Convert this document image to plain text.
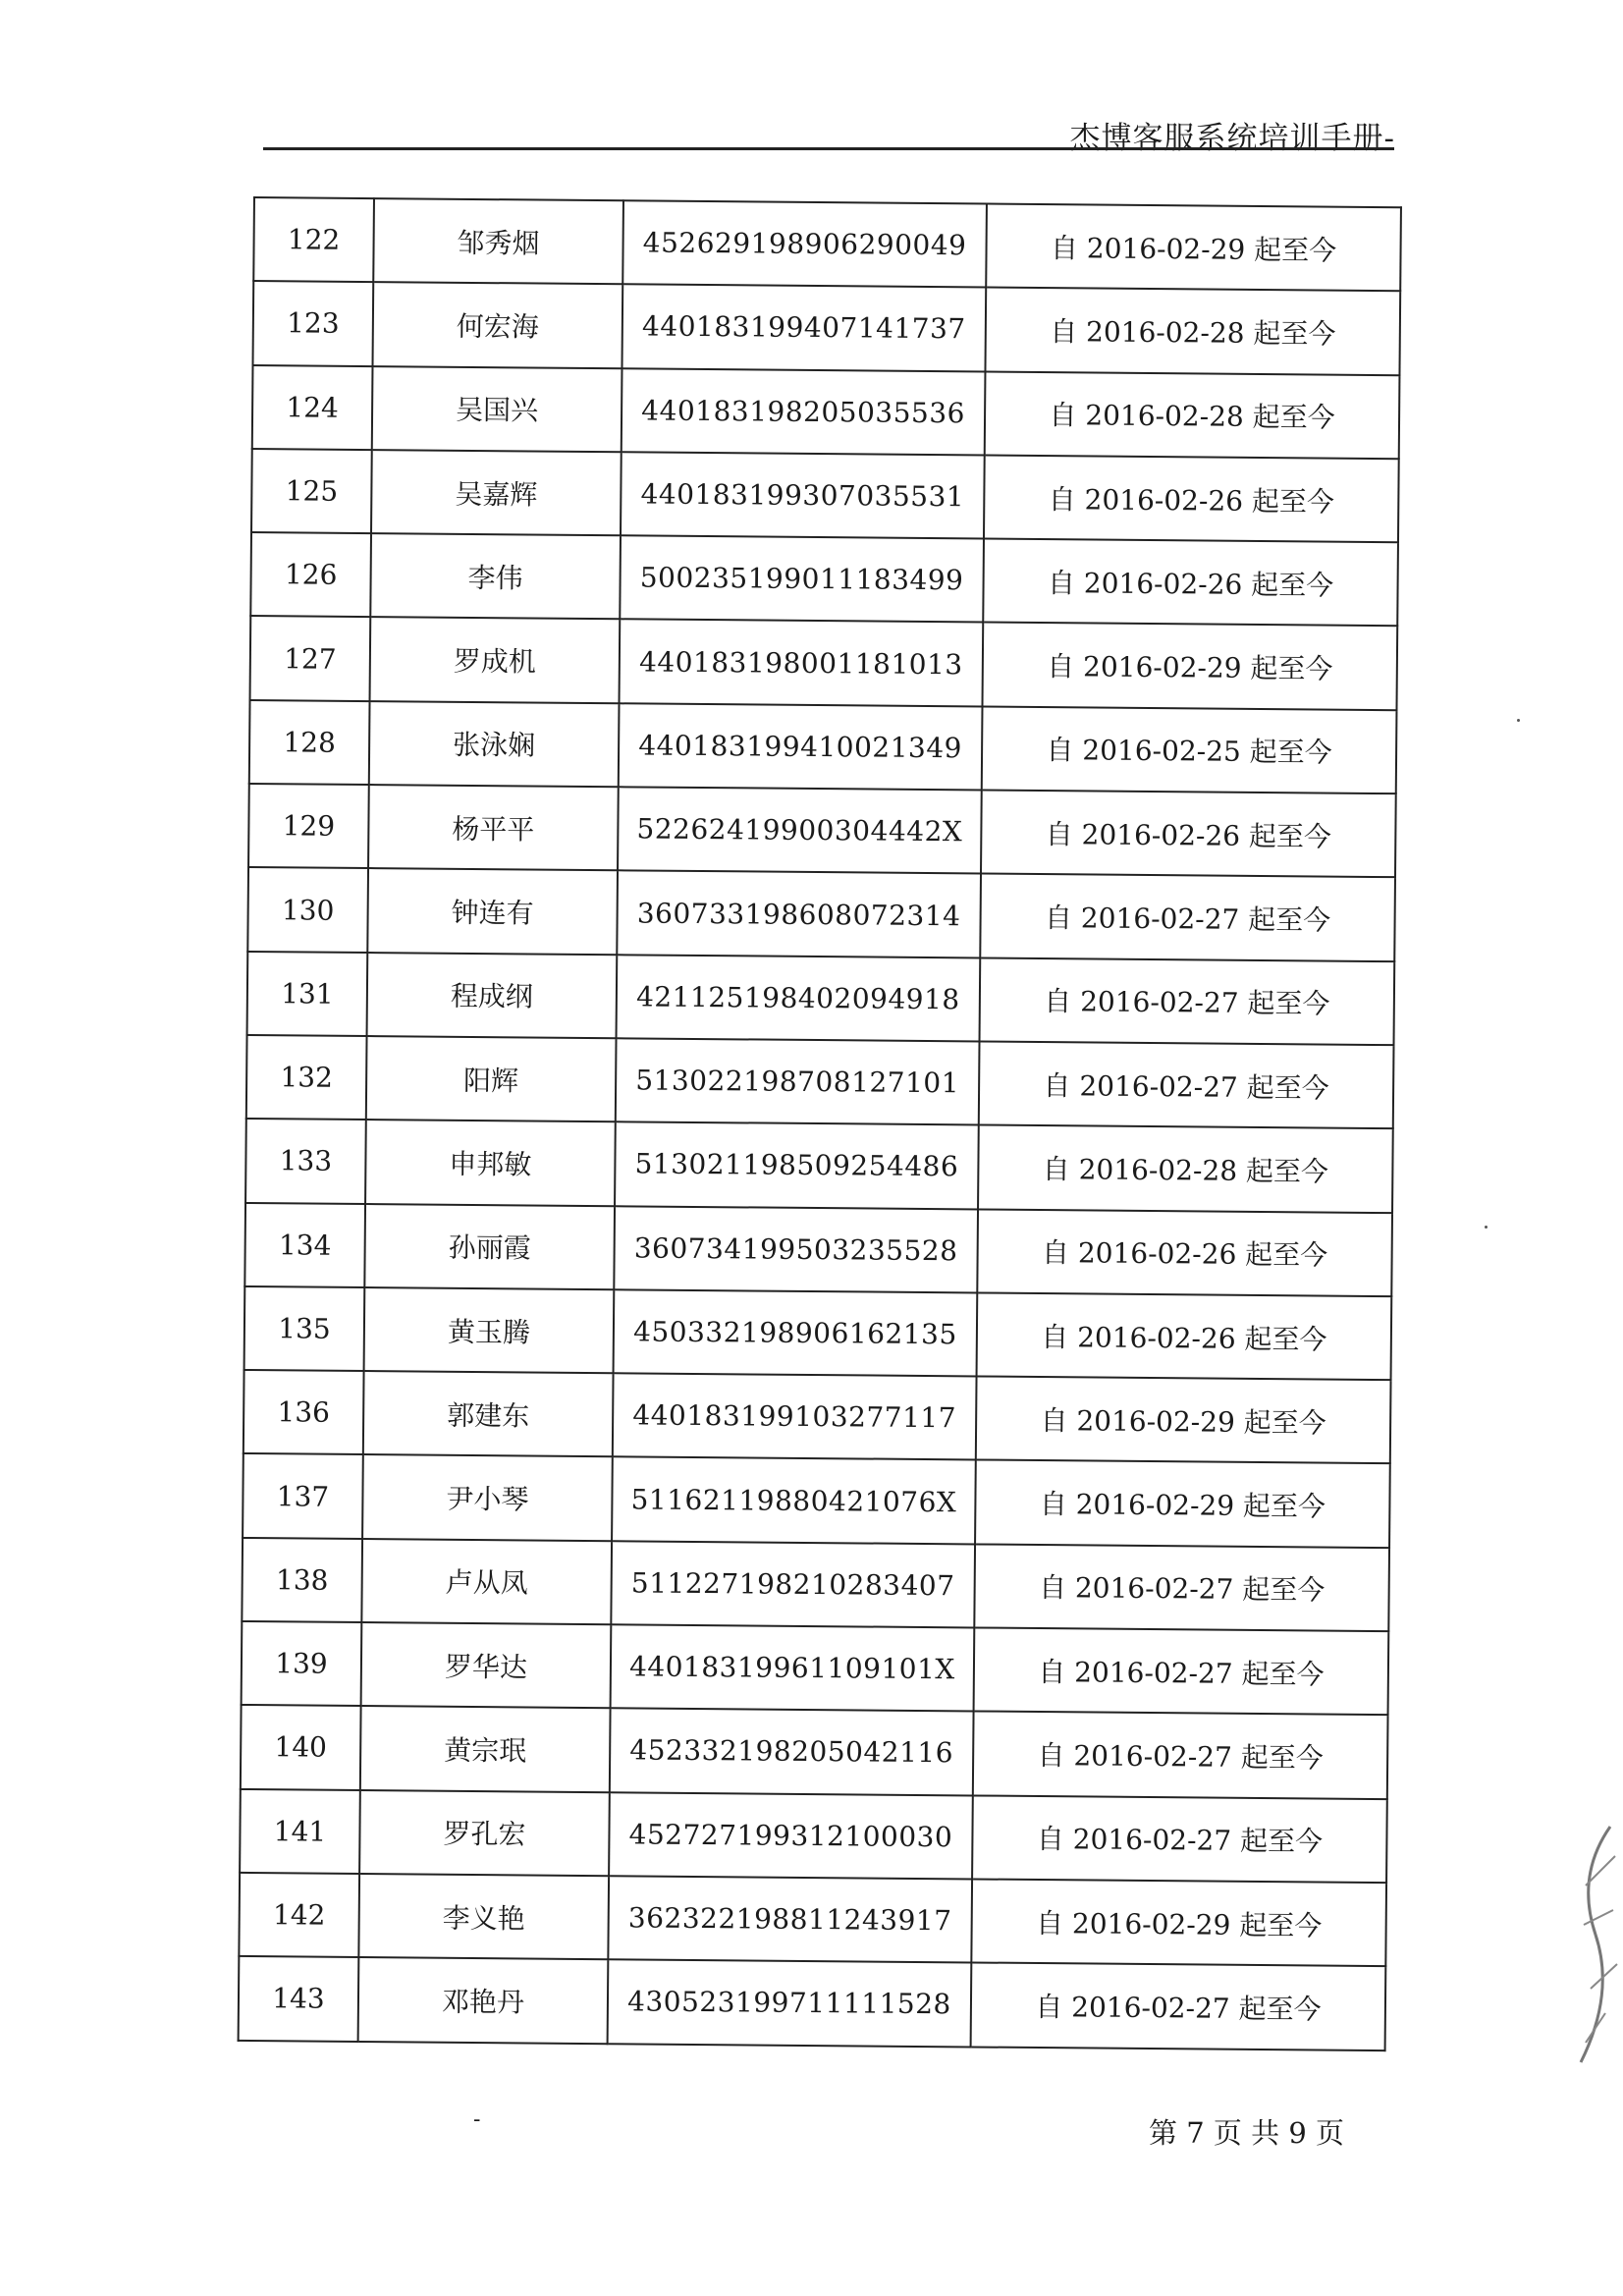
杰博客服系统培训手册-
122	邹秀烟	452629198906290049	自 2016-02-29 起至今
123	何宏海	440183199407141737	自 2016-02-28 起至今
124	吴国兴	440183198205035536	自 2016-02-28 起至今
125	吴嘉辉	440183199307035531	自 2016-02-26 起至今
126	李伟	500235199011183499	自 2016-02-26 起至今
127	罗成机	440183198001181013	自 2016-02-29 起至今
128	张泳娴	440183199410021349	自 2016-02-25 起至今
129	杨平平	52262419900304442X	自 2016-02-26 起至今
130	钟连有	360733198608072314	自 2016-02-27 起至今
131	程成纲	421125198402094918	自 2016-02-27 起至今
132	阳辉	513022198708127101	自 2016-02-27 起至今
133	申邦敏	513021198509254486	自 2016-02-28 起至今
134	孙丽霞	360734199503235528	自 2016-02-26 起至今
135	黄玉腾	450332198906162135	自 2016-02-26 起至今
136	郭建东	440183199103277117	自 2016-02-29 起至今
137	尹小琴	51162119880421076X	自 2016-02-29 起至今
138	卢从凤	511227198210283407	自 2016-02-27 起至今
139	罗华达	44018319961109101X	自 2016-02-27 起至今
140	黄宗珉	452332198205042116	自 2016-02-27 起至今
141	罗孔宏	452727199312100030	自 2016-02-27 起至今
142	李义艳	362322198811243917	自 2016-02-29 起至今
143	邓艳丹	430523199711111528	自 2016-02-27 起至今
-	第 7 页 共 9 页
